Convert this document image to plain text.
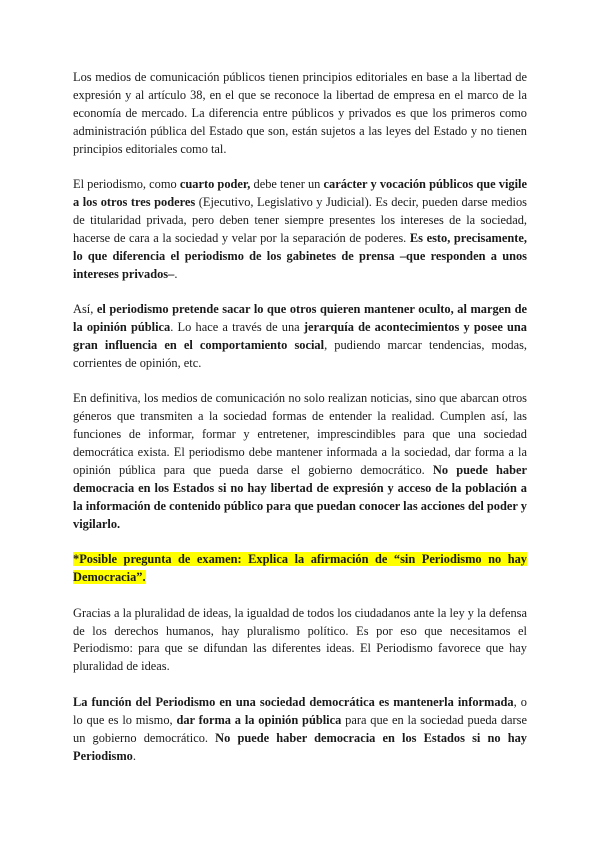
Los medios de comunicación públicos tienen principios editoriales en base a la libertad de expresión y al artículo 38, en el que se reconoce la libertad de empresa en el marco de la economía de mercado. La diferencia entre públicos y privados es que los primeros como administración pública del Estado que son, están sujetos a las leyes del Estado y no tienen principios editoriales como tal.

El periodismo, como cuarto poder, debe tener un carácter y vocación públicos que vigile a los otros tres poderes (Ejecutivo, Legislativo y Judicial). Es decir, pueden darse medios de titularidad privada, pero deben tener siempre presentes los intereses de la sociedad, hacerse de cara a la sociedad y velar por la separación de poderes. Es esto, precisamente, lo que diferencia el periodismo de los gabinetes de prensa –que responden a unos intereses privados–.

Así, el periodismo pretende sacar lo que otros quieren mantener oculto, al margen de la opinión pública. Lo hace a través de una jerarquía de acontecimientos y posee una gran influencia en el comportamiento social, pudiendo marcar tendencias, modas, corrientes de opinión, etc.

En definitiva, los medios de comunicación no solo realizan noticias, sino que abarcan otros géneros que transmiten a la sociedad formas de entender la realidad. Cumplen así, las funciones de informar, formar y entretener, imprescindibles para que una sociedad democrática exista. El periodismo debe mantener informada a la sociedad, dar forma a la opinión pública para que pueda darse el gobierno democrático. No puede haber democracia en los Estados si no hay libertad de expresión y acceso de la población a la información de contenido público para que puedan conocer las acciones del poder y vigilarlo.

*Posible pregunta de examen: Explica la afirmación de “sin Periodismo no hay Democracia”.

Gracias a la pluralidad de ideas, la igualdad de todos los ciudadanos ante la ley y la defensa de los derechos humanos, hay pluralismo político. Es por eso que necesitamos el Periodismo: para que se difundan las diferentes ideas. El Periodismo favorece que hay pluralidad de ideas.

La función del Periodismo en una sociedad democrática es mantenerla informada, o lo que es lo mismo, dar forma a la opinión pública para que en la sociedad pueda darse un gobierno democrático. No puede haber democracia en los Estados si no hay Periodismo.
